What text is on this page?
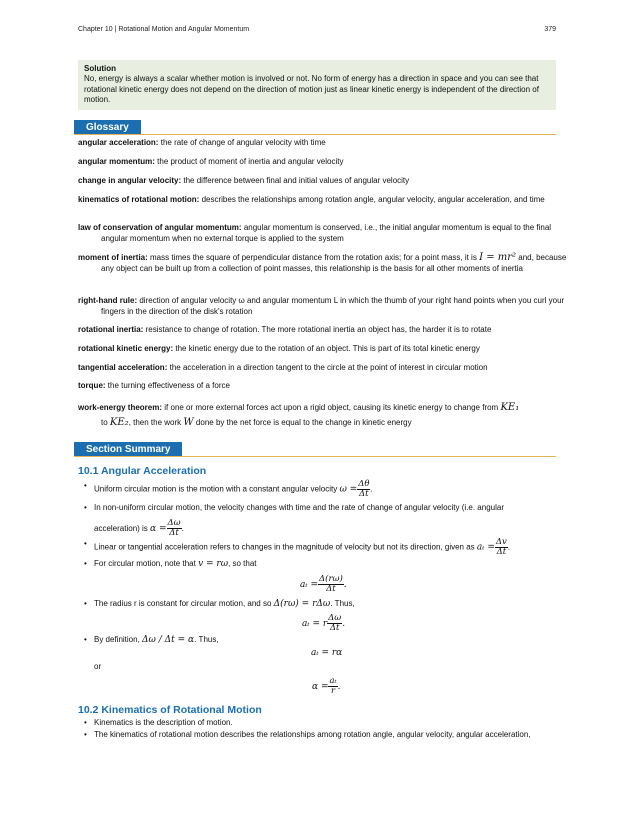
Chapter 10 | Rotational Motion and Angular Momentum	379
Solution
No, energy is always a scalar whether motion is involved or not. No form of energy has a direction in space and you can see that rotational kinetic energy does not depend on the direction of motion just as linear kinetic energy is independent of the direction of motion.
Glossary
angular acceleration: the rate of change of angular velocity with time
angular momentum: the product of moment of inertia and angular velocity
change in angular velocity: the difference between final and initial values of angular velocity
kinematics of rotational motion: describes the relationships among rotation angle, angular velocity, angular acceleration, and time
law of conservation of angular momentum: angular momentum is conserved, i.e., the initial angular momentum is equal to the final angular momentum when no external torque is applied to the system
moment of inertia: mass times the square of perpendicular distance from the rotation axis; for a point mass, it is I = mr² and, because any object can be built up from a collection of point masses, this relationship is the basis for all other moments of inertia
right-hand rule: direction of angular velocity ω and angular momentum L in which the thumb of your right hand points when you curl your fingers in the direction of the disk's rotation
rotational inertia: resistance to change of rotation. The more rotational inertia an object has, the harder it is to rotate
rotational kinetic energy: the kinetic energy due to the rotation of an object. This is part of its total kinetic energy
tangential acceleration: the acceleration in a direction tangent to the circle at the point of interest in circular motion
torque: the turning effectiveness of a force
work-energy theorem: if one or more external forces act upon a rigid object, causing its kinetic energy to change from KE₁
to KE₂, then the work W done by the net force is equal to the change in kinetic energy
Section Summary
10.1 Angular Acceleration
• Uniform circular motion is the motion with a constant angular velocity $\omega = \frac{\Delta\theta}{\Delta t}$ .
• In non-uniform circular motion, the velocity changes with time and the rate of change of angular velocity (i.e. angular
acceleration) is $\alpha = \frac{\Delta\omega}{\Delta t}$ .
• Linear or tangential acceleration refers to changes in the magnitude of velocity but not its direction, given as $a_t = \frac{\Delta v}{\Delta t}$ .
• For circular motion, note that v = rω, so that
$a_t = \frac{\Delta(r\omega)}{\Delta t}$ .
• The radius r is constant for circular motion, and so Δ(rω) = rΔω. Thus,
aₜ = r $\frac{\Delta\omega}{\Delta t}$ .
• By definition, Δω / Δt = α. Thus,
aₜ = rα
or
$\alpha = \frac{\text{aₜ}}{r}$ .
10.2 Kinematics of Rotational Motion
• Kinematics is the description of motion.
• The kinematics of rotational motion describes the relationships among rotation angle, angular velocity, angular acceleration,
